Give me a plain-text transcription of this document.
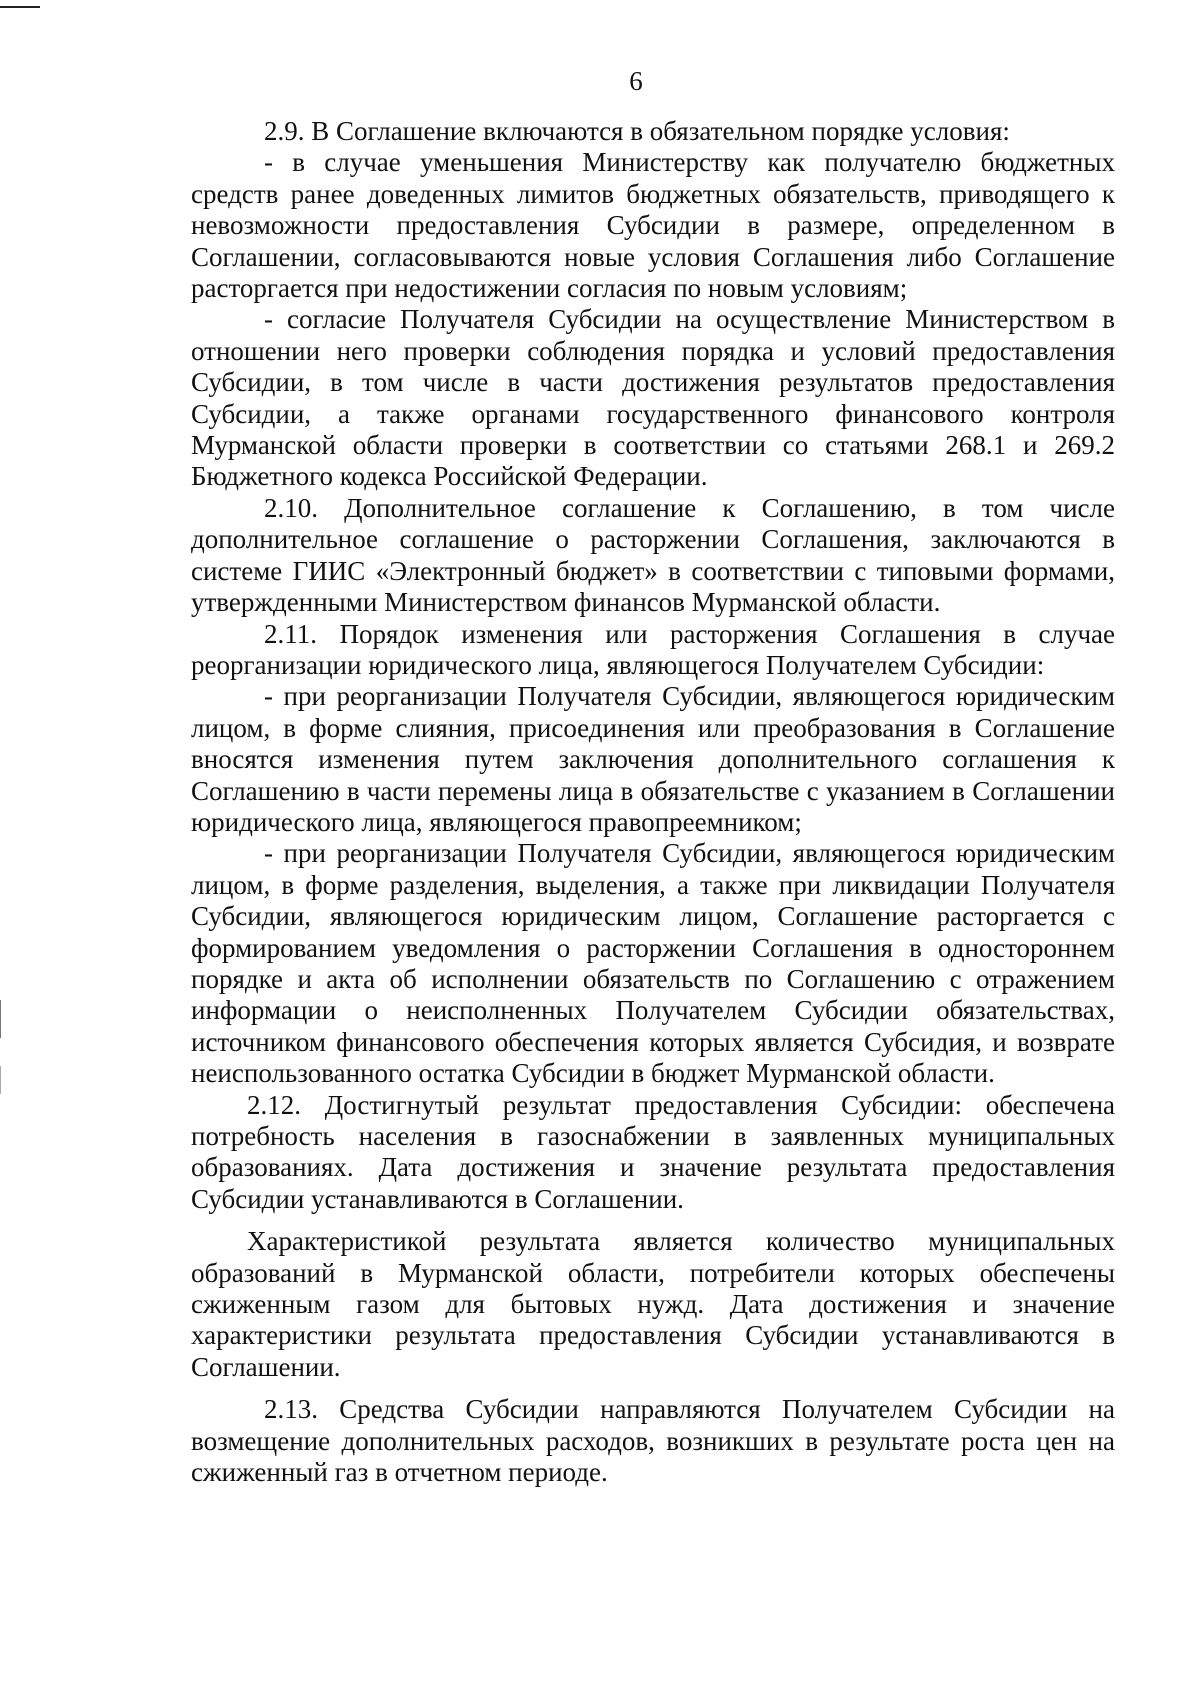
6

2.9. В Соглашение включаются в обязательном порядке условия:

- в случае уменьшения Министерству как получателю бюджетных средств ранее доведенных лимитов бюджетных обязательств, приводящего к невозможности предоставления Субсидии в размере, определенном в Соглашении, согласовываются новые условия Соглашения либо Соглашение расторгается при недостижении согласия по новым условиям;

- согласие Получателя Субсидии на осуществление Министерством в отношении него проверки соблюдения порядка и условий предоставления Субсидии, в том числе в части достижения результатов предоставления Субсидии, а также органами государственного финансового контроля Мурманской области проверки в соответствии со статьями 268.1 и 269.2 Бюджетного кодекса Российской Федерации.

2.10. Дополнительное соглашение к Соглашению, в том числе дополнительное соглашение о расторжении Соглашения, заключаются в системе ГИИС «Электронный бюджет» в соответствии с типовыми формами, утвержденными Министерством финансов Мурманской области.

2.11. Порядок изменения или расторжения Соглашения в случае реорганизации юридического лица, являющегося Получателем Субсидии:

- при реорганизации Получателя Субсидии, являющегося юридическим лицом, в форме слияния, присоединения или преобразования в Соглашение вносятся изменения путем заключения дополнительного соглашения к Соглашению в части перемены лица в обязательстве с указанием в Соглашении юридического лица, являющегося правопреемником;

- при реорганизации Получателя Субсидии, являющегося юридическим лицом, в форме разделения, выделения, а также при ликвидации Получателя Субсидии, являющегося юридическим лицом, Соглашение расторгается с формированием уведомления о расторжении Соглашения в одностороннем порядке и акта об исполнении обязательств по Соглашению с отражением информации о неисполненных Получателем Субсидии обязательствах, источником финансового обеспечения которых является Субсидия, и возврате неиспользованного остатка Субсидии в бюджет Мурманской области.

2.12. Достигнутый результат предоставления Субсидии: обеспечена потребность населения в газоснабжении в заявленных муниципальных образованиях. Дата достижения и значение результата предоставления Субсидии устанавливаются в Соглашении.

Характеристикой результата является количество муниципальных образований в Мурманской области, потребители которых обеспечены сжиженным газом для бытовых нужд. Дата достижения и значение характеристики результата предоставления Субсидии устанавливаются в Соглашении.

2.13. Средства Субсидии направляются Получателем Субсидии на возмещение дополнительных расходов, возникших в результате роста цен на сжиженный газ в отчетном периоде.
